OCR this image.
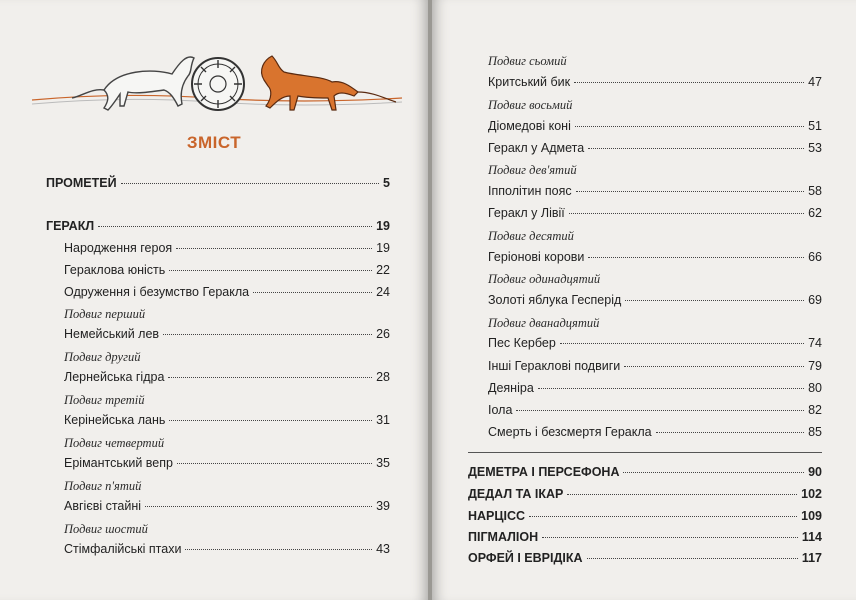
ЗМІСТ
ПРОМЕТЕЙ	5
ГЕРАКЛ	19
Народження героя	19
Гераклова юність	22
Одруження і безумство Геракла	24
Подвиг перший
Немейський лев	26
Подвиг другий
Лернейська гідра	28
Подвиг третій
Керінейська лань	31
Подвиг четвертий
Ерімантський вепр	35
Подвиг п'ятий
Авгієві стайні	39
Подвиг шостий
Стімфалійські птахи	43
Подвиг сьомий
Критський бик	47
Подвиг восьмий
Діомедові коні	51
Геракл у Адмета	53
Подвиг дев'ятий
Іпполітин пояс	58
Геракл у Лівії	62
Подвиг десятий
Геріонові корови	66
Подвиг одинадцятий
Золоті яблука Гесперід	69
Подвиг дванадцятий
Пес Кербер	74
Інші Гераклові подвиги	79
Деяніра	80
Іола	82
Смерть і безсмертя Геракла	85
ДЕМЕТРА І ПЕРСЕФОНА	90
ДЕДАЛ ТА ІКАР	102
НАРЦІСС	109
ПІГМАЛІОН	114
ОРФЕЙ І ЕВРІДІКА	117
